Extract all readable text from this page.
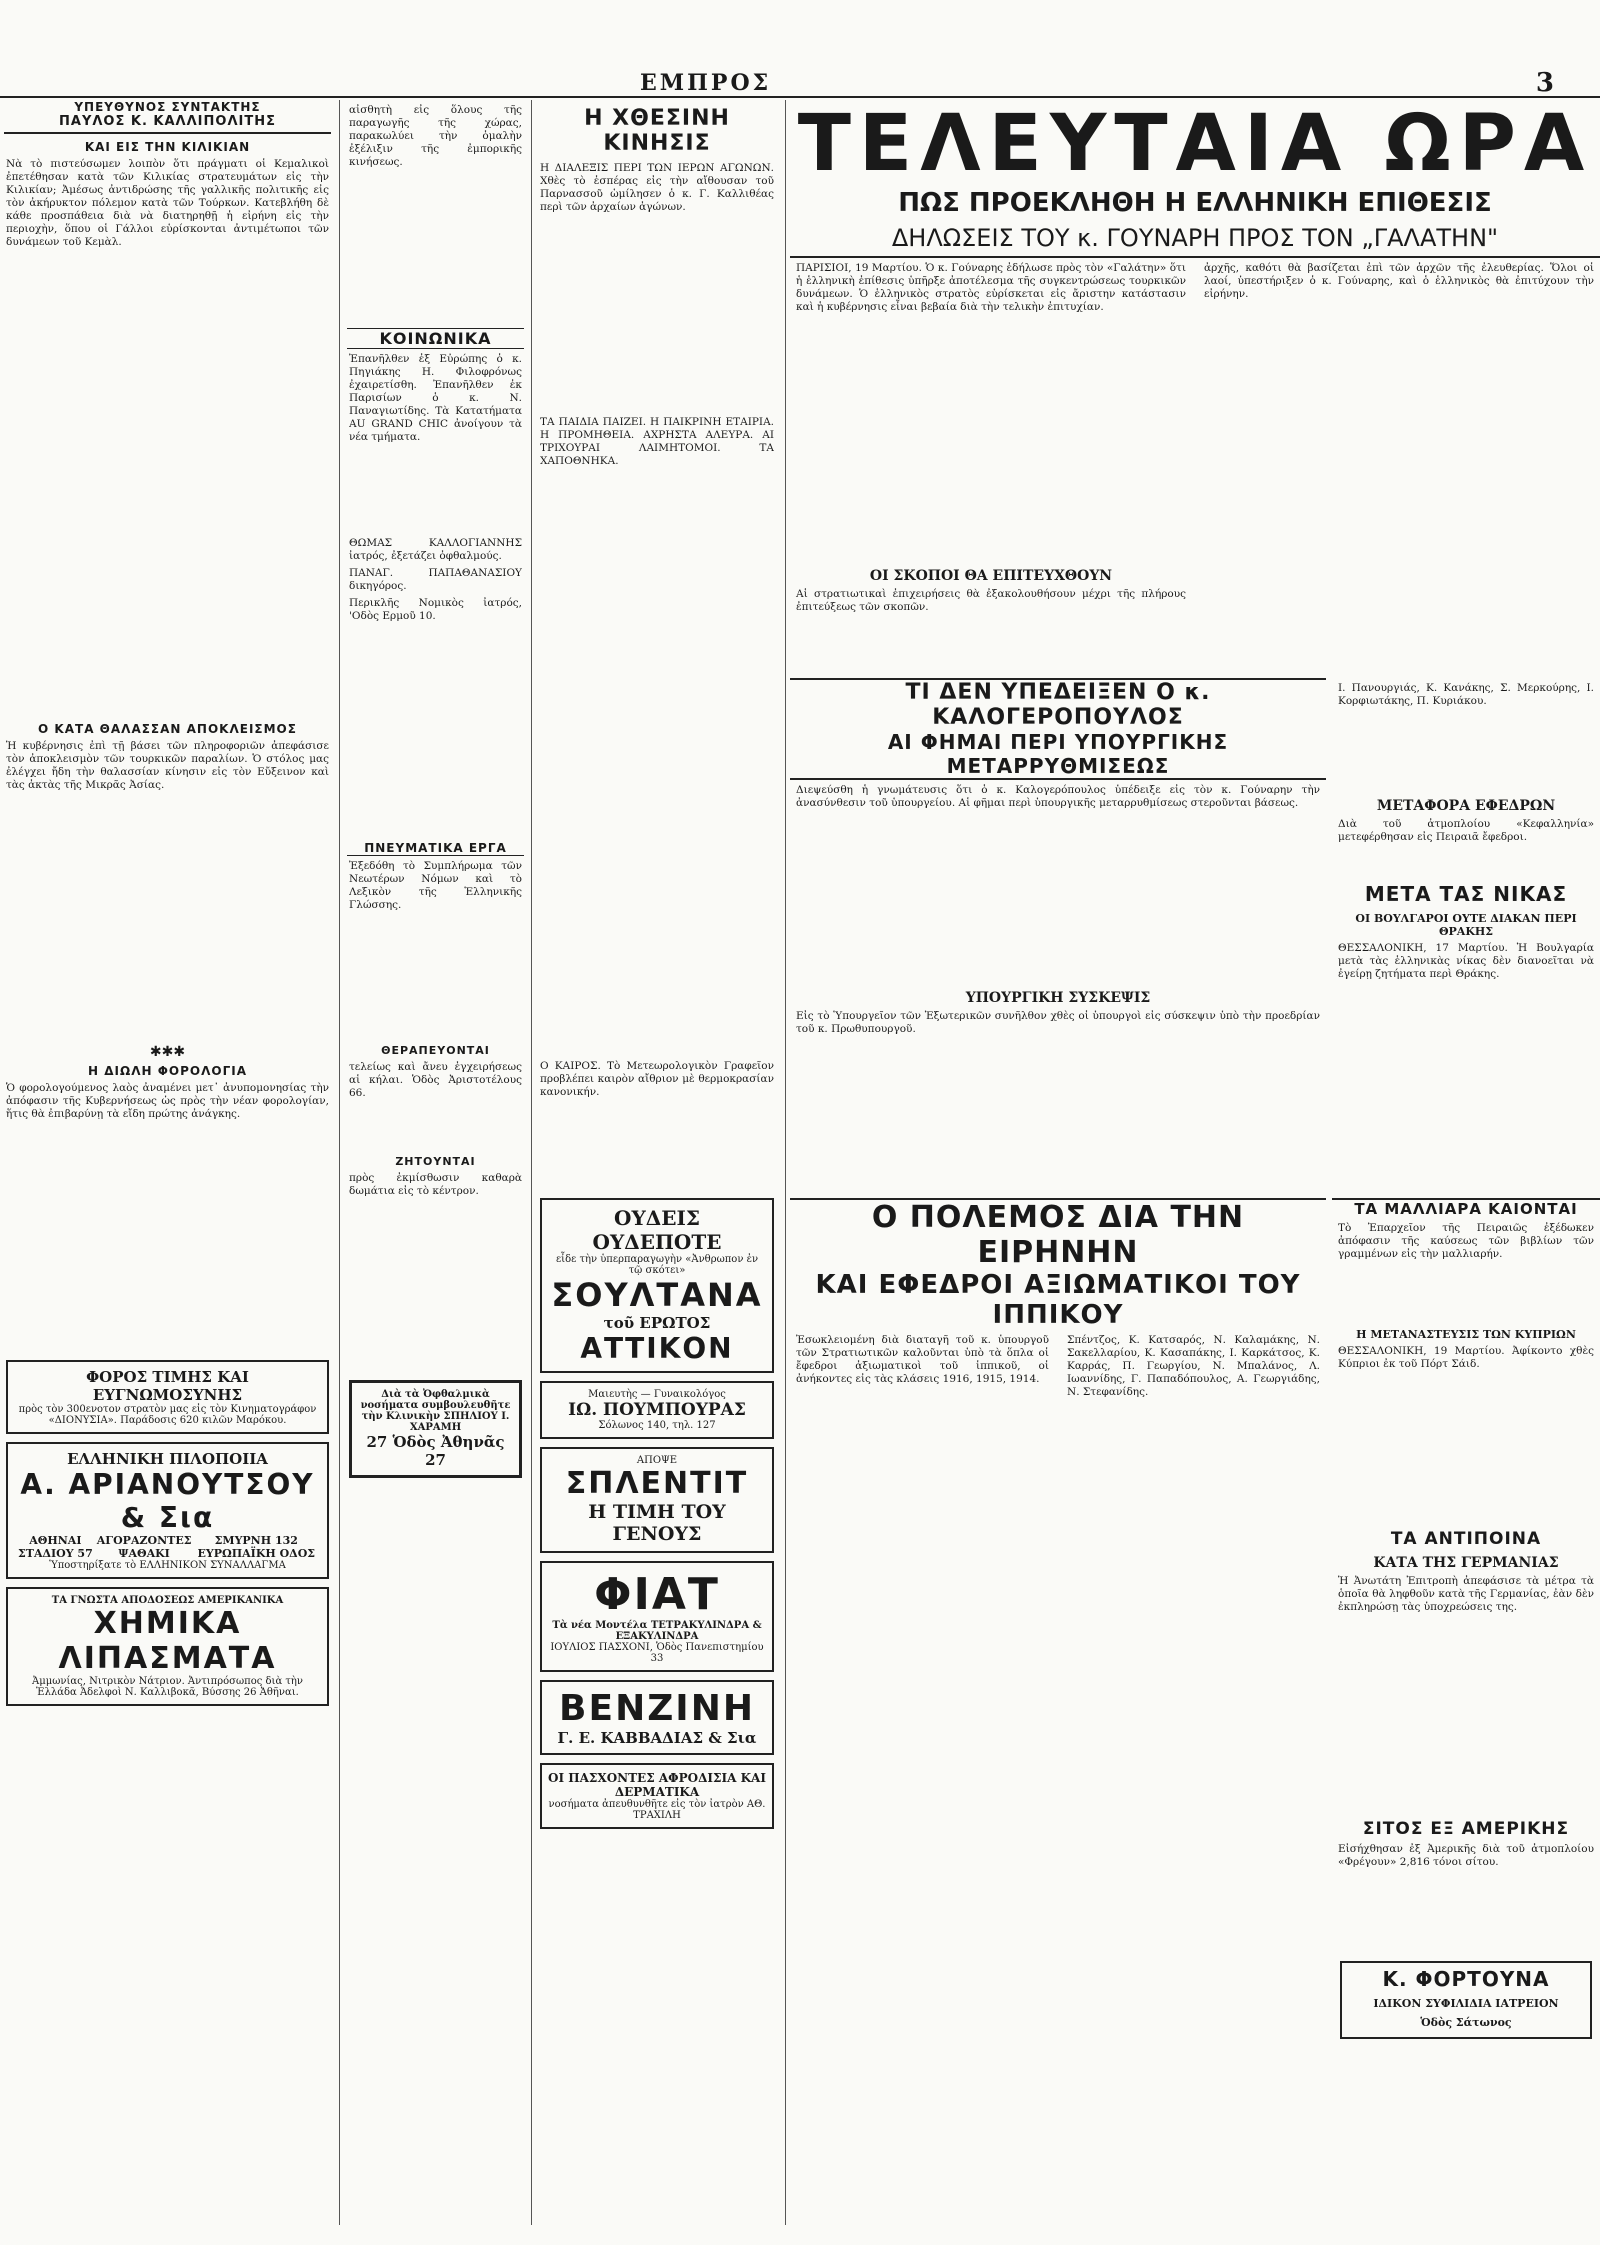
ΕΜΠΡΟΣ	3
ΥΠΕΥΘΥΝΟΣ ΣΥΝΤΑΚΤΗΣ
ΠΑΥΛΟΣ Κ. ΚΑΛΛΙΠΟΛΙΤΗΣ
ΚΑΙ ΕΙΣ ΤΗΝ ΚΙΛΙΚΙΑΝ

Νὰ τὸ πιστεύσωμεν λοιπὸν ὅτι πράγματι οἱ Κεμαλικοὶ ἐπετέθησαν κατὰ τῶν Κιλικίας στρατευμάτων εἰς τὴν Κιλικίαν; Ἀμέσως ἀντιδρώσης τῆς γαλλικῆς πολιτικῆς εἰς τὸν ἀκήρυκτον πόλεμον κατὰ τῶν Τούρκων. Κατεβλήθη δὲ κάθε προσπάθεια διὰ νὰ διατηρηθῇ ἡ εἰρήνη εἰς τὴν περιοχὴν, ὅπου οἱ Γάλλοι εὑρίσκονται ἀντιμέτωποι τῶν δυνάμεων τοῦ Κεμὰλ.

Ο ΚΑΤΑ ΘΑΛΑΣΣΑΝ ΑΠΟΚΛΕΙΣΜΟΣ

Ἡ κυβέρνησις ἐπὶ τῇ βάσει τῶν πληροφοριῶν ἀπεφάσισε τὸν ἀποκλεισμὸν τῶν τουρκικῶν παραλίων. Ὁ στόλος μας ἐλέγχει ἤδη τὴν θαλασσίαν κίνησιν εἰς τὸν Εὔξεινον καὶ τὰς ἀκτὰς τῆς Μικρᾶς Ἀσίας.

✱✱✱
Η ΔΙΩΛΗ ΦΟΡΟΛΟΓΙΑ

Ὁ φορολογούμενος λαὸς ἀναμένει μετ᾽ ἀνυπομονησίας τὴν ἀπόφασιν τῆς Κυβερνήσεως ὡς πρὸς τὴν νέαν φορολογίαν, ἥτις θὰ ἐπιβαρύνῃ τὰ εἴδη πρώτης ἀνάγκης.

ΦΟΡΟΣ ΤΙΜΗΣ ΚΑΙ ΕΥΓΝΩΜΟΣΥΝΗΣ
πρὸς τὸν 300ενοτον στρατὸν μας εἰς τὸν Κινηματογράφον «ΔΙΟΝΥΣΙΑ». Παράδοσις 620 κιλῶν Μαρόκου.
ΕΛΛΗΝΙΚΗ ΠΙΛΟΠΟΙΙΑ
Α. ΑΡΙΑΝΟΥΤΣΟΥ & Σια
ΑΘΗΝΑΙ ΣΤΑΔΙΟΥ 57
ΑΓΟΡΑΖΟΝΤΕΣ ΨΑΘΑΚΙ
ΣΜΥΡΝΗ 132 ΕΥΡΩΠΑΪΚΗ ΟΔΟΣ
Ὑποστηρίξατε τὸ ΕΛΛΗΝΙΚΟΝ ΣΥΝΑΛΛΑΓΜΑ
ΤΑ ΓΝΩΣΤΑ ΑΠΟΔΟΣΕΩΣ ΑΜΕΡΙΚΑΝΙΚΑ
ΧΗΜΙΚΑ ΛΙΠΑΣΜΑΤΑ
Ἀμμωνίας, Νιτρικὸν Νάτριον. Ἀντιπρόσωπος διὰ τὴν Ἑλλάδα Ἀδελφοὶ Ν. Καλλιβοκᾶ, Βύσσης 26 Ἀθῆναι.

αἰσθητὴ εἰς ὅλους τῆς παραγωγῆς τῆς χώρας, παρακωλύει τὴν ὁμαλὴν ἐξέλιξιν τῆς ἐμπορικῆς κινήσεως.

ΚΟΙΝΩΝΙΚΑ

Ἐπανῆλθεν ἐξ Εὐρώπης ὁ κ. Πηγιάκης Η. Φιλοφρόνως ἐχαιρετίσθη. Ἐπανῆλθεν ἐκ Παρισίων ὁ κ. Ν. Παναγιωτίδης. Τὰ Κατατήματα AU GRAND CHIC ἀνοίγουν τὰ νέα τμήματα.

ΘΩΜΑΣ ΚΑΛΛΟΓΙΑΝΝΗΣ ἰατρός, ἐξετάζει ὀφθαλμούς.

ΠΑΝΑΓ. ΠΑΠΑΘΑΝΑΣΙΟΥ δικηγόρος.

Περικλῆς Νομικὸς ἰατρός, 'Οδὸς Ερμοῦ 10.

ΠΝΕΥΜΑΤΙΚΑ ΕΡΓΑ

Ἐξεδόθη τὸ Συμπλήρωμα τῶν Νεωτέρων Νόμων καὶ τὸ Λεξικὸν τῆς Ἑλληνικῆς Γλώσσης.

ΘΕΡΑΠΕΥΟΝΤΑΙ

τελείως καὶ ἄνευ ἐγχειρήσεως αἱ κήλαι. Ὁδὸς Ἀριστοτέλους 66.

ΖΗΤΟΥΝΤΑΙ

πρὸς ἐκμίσθωσιν καθαρὰ δωμάτια εἰς τὸ κέντρον.

Διὰ τὰ Ὀφθαλμικὰ νοσήματα συμβουλευθῆτε τὴν Κλινικὴν ΣΠΗΛΙΟΥ Ι. ΧΑΡΑΜΗ
27 Ὁδὸς Ἀθηνᾶς 27
Η ΧΘΕΣΙΝΗ ΚΙΝΗΣΙΣ

Η ΔΙΑΛΕΞΙΣ ΠΕΡΙ ΤΩΝ ΙΕΡΩΝ ΑΓΩΝΩΝ. Χθὲς τὸ ἑσπέρας εἰς τὴν αἴθουσαν τοῦ Παρνασσοῦ ὡμίλησεν ὁ κ. Γ. Καλλιθέας περὶ τῶν ἀρχαίων ἀγώνων.

ΤΑ ΠΑΙΔΙΑ ΠΑΙΖΕΙ. Η ΠΑΙΚΡΙΝΗ ΕΤΑΙΡΙΑ. Η ΠΡΟΜΗΘΕΙΑ. ΑΧΡΗΣΤΑ ΑΛΕΥΡΑ. ΑΙ ΤΡΙΧΟΥΡΑΙ ΛΑΙΜΗΤΟΜΟΙ. ΤΑ ΧΑΠΟΘΝΗΚΑ.

Ο ΚΑΙΡΟΣ. Τὸ Μετεωρολογικὸν Γραφεῖον προβλέπει καιρὸν αἴθριον μὲ θερμοκρασίαν κανονικήν.

ΟΥΔΕΙΣ ΟΥΔΕΠΟΤΕ
εἶδε τὴν ὑπερπαραγωγὴν «Ἀνθρωπον ἐν τῷ σκότει»
ΣΟΥΛΤΑΝΑ
τοῦ ΕΡΩΤΟΣ
ΑΤΤΙΚΟΝ
Μαιευτὴς — Γυναικολόγος
ΙΩ. ΠΟΥΜΠΟΥΡΑΣ
Σόλωνος 140, τηλ. 127
ΑΠΟΨΕ
ΣΠΛΕΝΤΙΤ
Η ΤΙΜΗ ΤΟΥ ΓΕΝΟΥΣ
ΦΙΑΤ
Τὰ νέα Μοντέλα ΤΕΤΡΑΚΥΛΙΝΔΡΑ & ΕΞΑΚΥΛΙΝΔΡΑ
ΙΟΥΛΙΟΣ ΠΑΣΧΟΝΙ, Ὁδὸς Πανεπιστημίου 33
ΒΕΝΖΙΝΗ
Γ. Ε. ΚΑΒΒΑΔΙΑΣ & Σια
ΟΙ ΠΑΣΧΟΝΤΕΣ ΑΦΡΟΔΙΣΙΑ ΚΑΙ ΔΕΡΜΑΤΙΚΑ
νοσήματα ἀπευθυνθῆτε εἰς τὸν ἰατρὸν ΑΘ. ΤΡΑΧΙΛΗ
ΤΕΛΕΥΤΑΙΑ ΩΡΑ
ΠΩΣ ΠΡΟΕΚΛΗΘΗ Η ΕΛΛΗΝΙΚΗ ΕΠΙΘΕΣΙΣ
ΔΗΛΩΣΕΙΣ ΤΟΥ κ. ΓΟΥΝΑΡΗ ΠΡΟΣ ΤΟΝ „ΓΑΛΑΤΗΝ"

ΠΑΡΙΣΙΟΙ, 19 Μαρτίου. Ὁ κ. Γούναρης ἐδήλωσε πρὸς τὸν «Γαλάτην» ὅτι ἡ ἑλληνικὴ ἐπίθεσις ὑπῆρξε ἀποτέλεσμα τῆς συγκεντρώσεως τουρκικῶν δυνάμεων. Ὁ ἑλληνικὸς στρατὸς εὑρίσκεται εἰς ἄριστην κατάστασιν καὶ ἡ κυβέρνησις εἶναι βεβαία διὰ τὴν τελικὴν ἐπιτυχίαν.

ΟΙ ΣΚΟΠΟΙ ΘΑ ΕΠΙΤΕΥΧΘΟΥΝ

Αἱ στρατιωτικαὶ ἐπιχειρήσεις θὰ ἐξακολουθήσουν μέχρι τῆς πλήρους ἐπιτεύξεως τῶν σκοπῶν.

ἀρχῆς, καθότι θὰ βασίζεται ἐπὶ τῶν ἀρχῶν τῆς ἐλευθερίας. Ὅλοι οἱ λαοί, ὑπεστήριξεν ὁ κ. Γούναρης, καὶ ὁ ἑλληνικὸς θὰ ἐπιτύχουν τὴν εἰρήνην.

ΤΙ ΔΕΝ ΥΠΕΔΕΙΞΕΝ Ο κ. ΚΑΛΟΓΕΡΟΠΟΥΛΟΣ
ΑΙ ΦΗΜΑΙ ΠΕΡΙ ΥΠΟΥΡΓΙΚΗΣ ΜΕΤΑΡΡΥΘΜΙΣΕΩΣ

Διεψεύσθη ἡ γνωμάτευσις ὅτι ὁ κ. Καλογερόπουλος ὑπέδειξε εἰς τὸν κ. Γούναρην τὴν ἀνασύνθεσιν τοῦ ὑπουργείου. Αἱ φῆμαι περὶ ὑπουργικῆς μεταρρυθμίσεως στεροῦνται βάσεως.

ΥΠΟΥΡΓΙΚΗ ΣΥΣΚΕΨΙΣ

Εἰς τὸ Ὑπουργεῖον τῶν Ἐξωτερικῶν συνῆλθον χθὲς οἱ ὑπουργοὶ εἰς σύσκεψιν ὑπὸ τὴν προεδρίαν τοῦ κ. Πρωθυπουργοῦ.

Ι. Πανουργιάς, Κ. Κανάκης, Σ. Μερκούρης, Ι. Κορφιωτάκης, Π. Κυριάκου.

ΜΕΤΑΦΟΡΑ ΕΦΕΔΡΩΝ

Διὰ τοῦ ἀτμοπλοίου «Κεφαλληνία» μετεφέρθησαν εἰς Πειραιᾶ ἔφεδροι.

ΜΕΤΑ ΤΑΣ ΝΙΚΑΣ
ΟΙ ΒΟΥΛΓΑΡΟΙ ΟΥΤΕ ΔΙΑΚΑΝ ΠΕΡΙ ΘΡΑΚΗΣ

ΘΕΣΣΑΛΟΝΙΚΗ, 17 Μαρτίου. Ἡ Βουλγαρία μετὰ τὰς ἑλληνικὰς νίκας δὲν διανοεῖται νὰ ἐγείρῃ ζητήματα περὶ Θράκης.

Ο ΠΟΛΕΜΟΣ ΔΙΑ ΤΗΝ ΕΙΡΗΝΗΝ
ΚΑΙ ΕΦΕΔΡΟΙ ΑΞΙΩΜΑΤΙΚΟΙ ΤΟΥ ΙΠΠΙΚΟΥ

Ἐσωκλειομένη διὰ διαταγῆ τοῦ κ. ὑπουργοῦ τῶν Στρατιωτικῶν καλοῦνται ὑπὸ τὰ ὅπλα οἱ ἔφεδροι ἀξιωματικοὶ τοῦ ἱππικοῦ, οἱ ἀνήκοντες εἰς τὰς κλάσεις 1916, 1915, 1914.

Σπέντζος, Κ. Κατσαρός, Ν. Καλαμάκης, Ν. Σακελλαρίου, Κ. Κασαπάκης, Ι. Καρκάτσος, Κ. Καρράς, Π. Γεωργίου, Ν. Μπαλάνος, Λ. Ιωαννίδης, Γ. Παπαδόπουλος, Α. Γεωργιάδης, Ν. Στεφανίδης.

ΤΑ ΜΑΛΛΙΑΡΑ ΚΑΙΟΝΤΑΙ

Τὸ Ἐπαρχεῖον τῆς Πειραιῶς ἐξέδωκεν ἀπόφασιν τῆς καύσεως τῶν βιβλίων τῶν γραμμένων εἰς τὴν μαλλιαρήν.

Η ΜΕΤΑΝΑΣΤΕΥΣΙΣ ΤΩΝ ΚΥΠΡΙΩΝ

ΘΕΣΣΑΛΟΝΙΚΗ, 19 Μαρτίου. Ἀφίκοντο χθὲς Κύπριοι ἐκ τοῦ Πόρτ Σάιδ.

ΤΑ ΑΝΤΙΠΟΙΝΑ
ΚΑΤΑ ΤΗΣ ΓΕΡΜΑΝΙΑΣ

Ἡ Ἀνωτάτη Ἐπιτροπὴ ἀπεφάσισε τὰ μέτρα τὰ ὁποῖα θὰ ληφθοῦν κατὰ τῆς Γερμανίας, ἐὰν δὲν ἐκπληρώσῃ τὰς ὑποχρεώσεις της.

ΣΙΤΟΣ ΕΞ ΑΜΕΡΙΚΗΣ

Εἰσήχθησαν ἐξ Ἀμερικῆς διὰ τοῦ ἀτμοπλοίου «Φρέγουν» 2,816 τόνοι σίτου.

Κ. ΦΟΡΤΟΥΝΑ
ΙΔΙΚΟΝ ΣΥΦΙΛΙΔΙΑ ΙΑΤΡΕΙΟΝ
Ὁδὸς Σάτωνος
